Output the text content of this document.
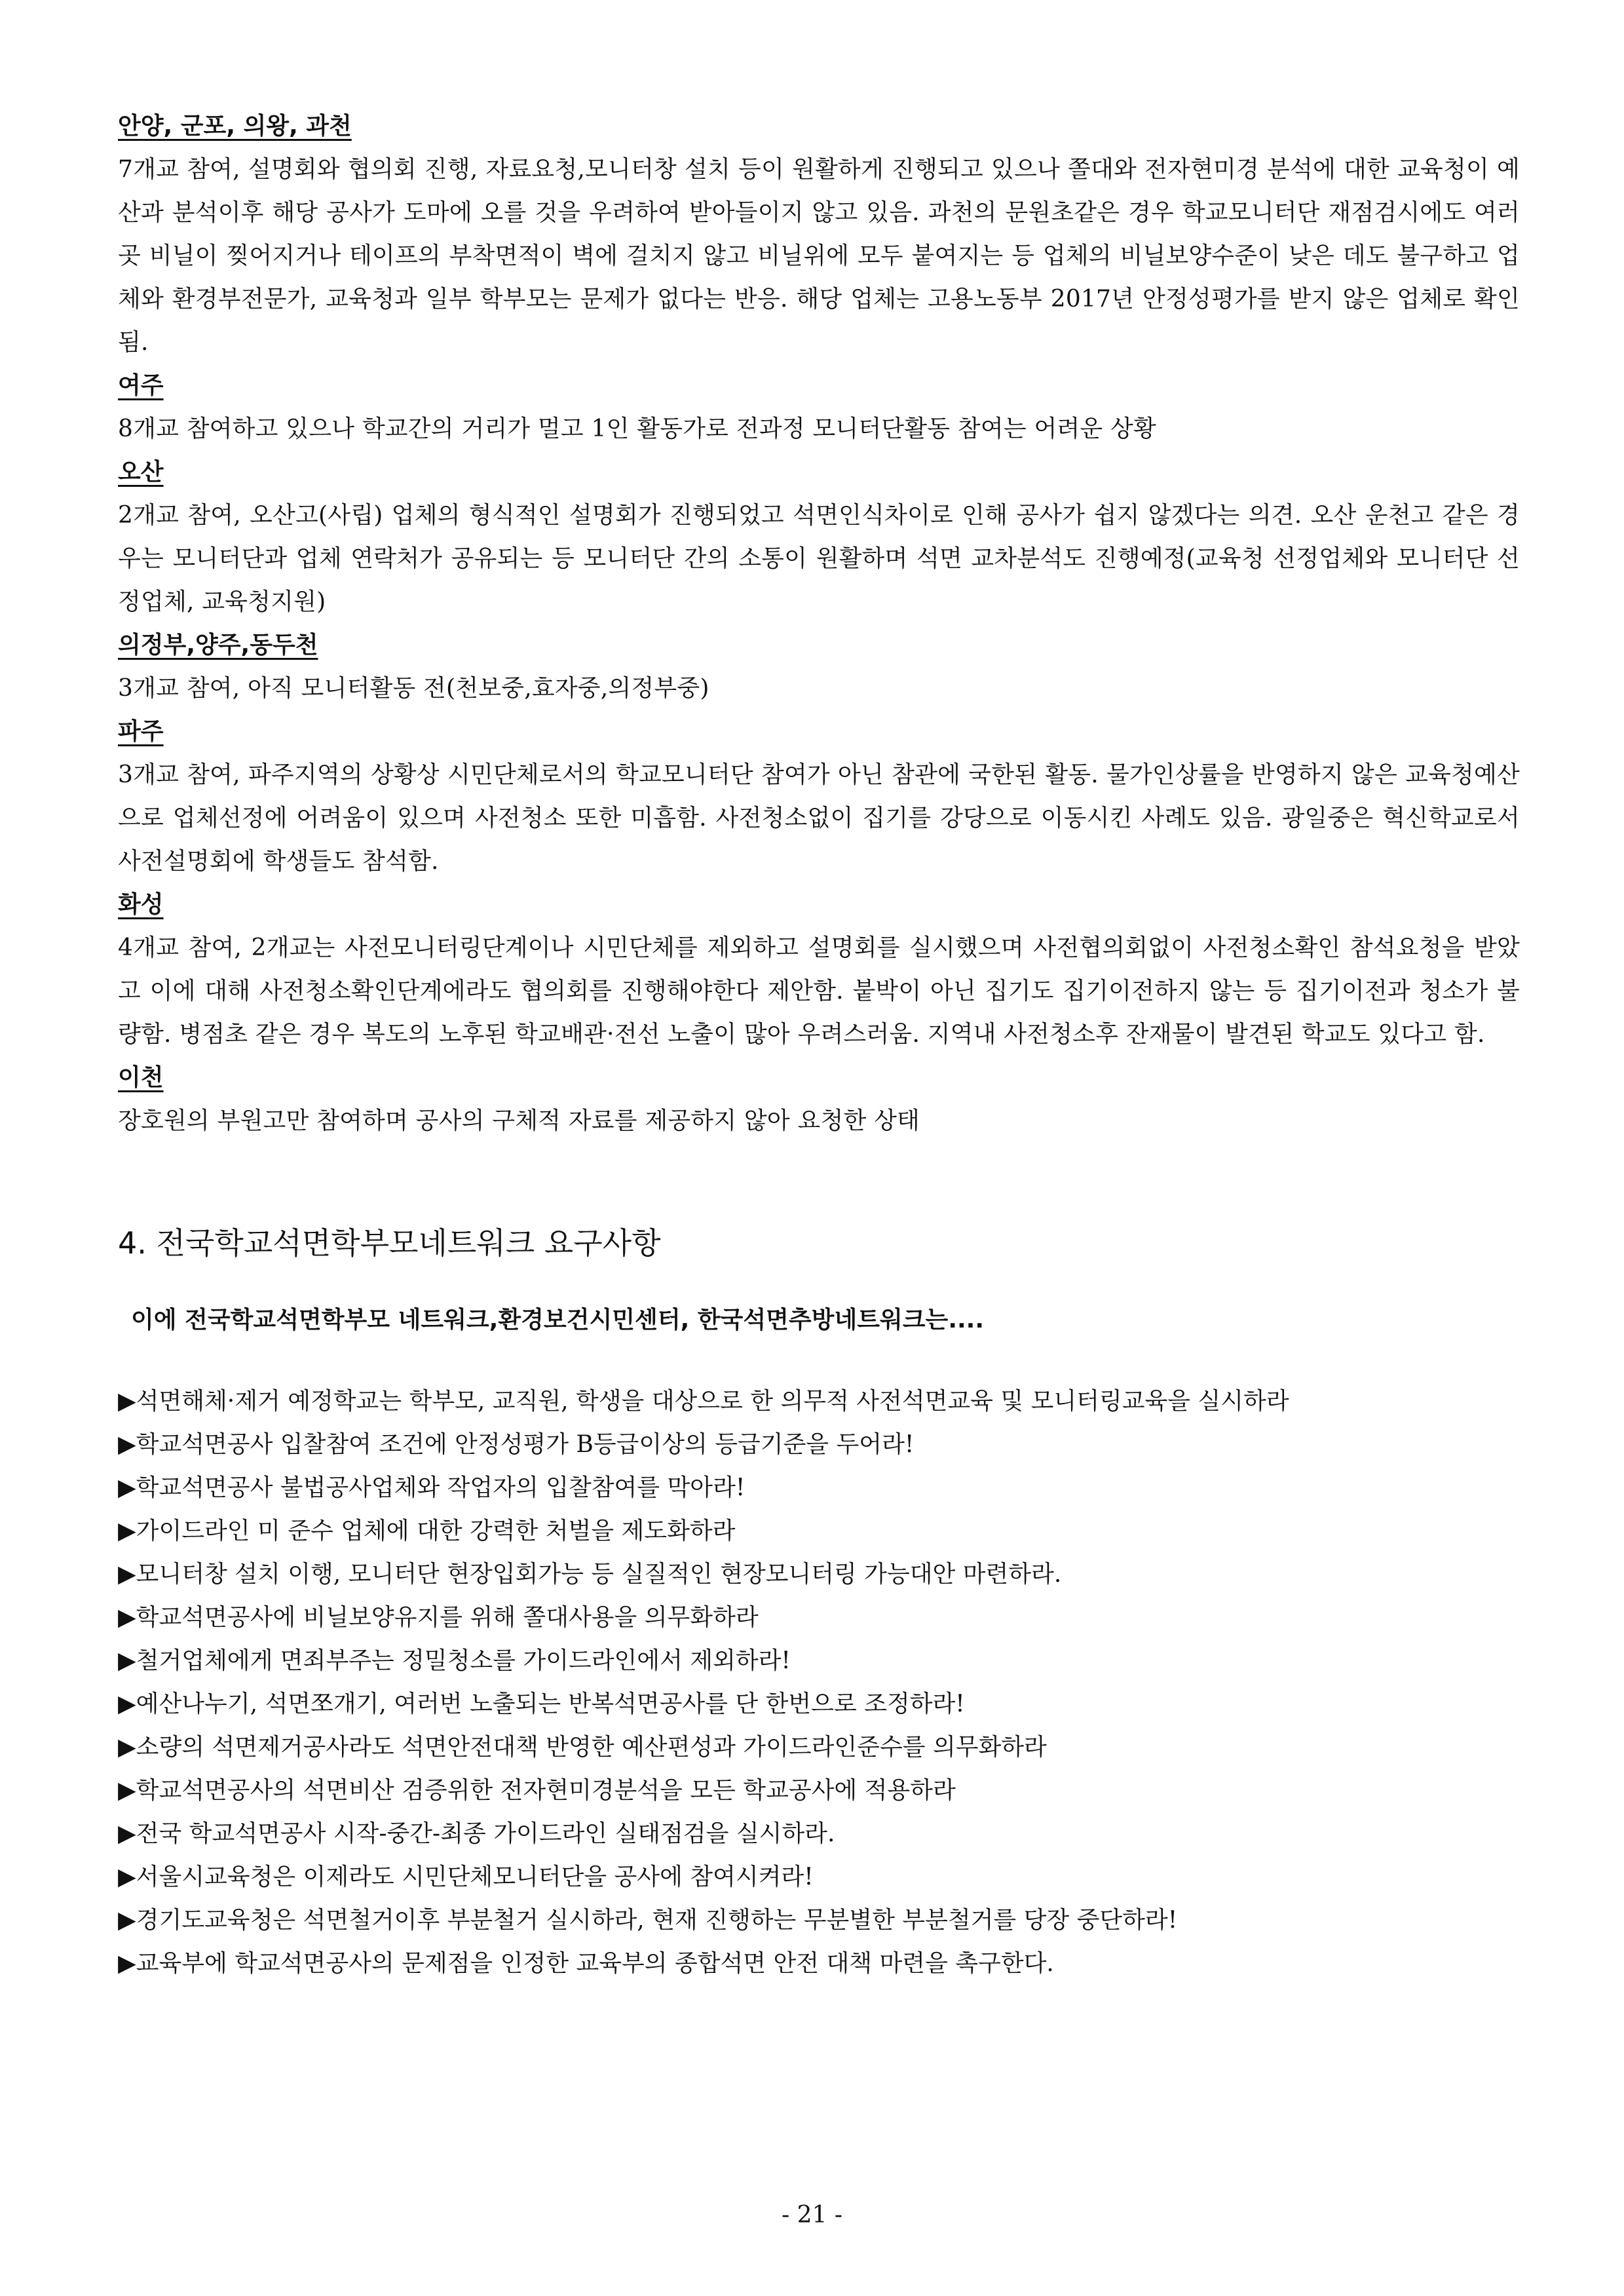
안양, 군포, 의왕, 과천

7개교 참여, 설명회와 협의회 진행, 자료요청,모니터창 설치 등이 원활하게 진행되고 있으나 쫄대와 전자현미경 분석에 대한 교육청이 예산과 분석이후 해당 공사가 도마에 오를 것을 우려하여 받아들이지 않고 있음. 과천의 문원초같은 경우 학교모니터단 재점검시에도 여러 곳 비닐이 찢어지거나 테이프의 부착면적이 벽에 걸치지 않고 비닐위에 모두 붙여지는 등 업체의 비닐보양수준이 낮은 데도 불구하고 업체와 환경부전문가, 교육청과 일부 학부모는 문제가 없다는 반응. 해당 업체는 고용노동부 2017년 안정성평가를 받지 않은 업체로 확인됨.

여주

8개교 참여하고 있으나 학교간의 거리가 멀고 1인 활동가로 전과정 모니터단활동 참여는 어려운 상황

오산

2개교 참여, 오산고(사립) 업체의 형식적인 설명회가 진행되었고 석면인식차이로 인해 공사가 쉽지 않겠다는 의견. 오산 운천고 같은 경우는 모니터단과 업체 연락처가 공유되는 등 모니터단 간의 소통이 원활하며 석면 교차분석도 진행예정(교육청 선정업체와 모니터단 선정업체, 교육청지원)

의정부,양주,동두천

3개교 참여, 아직 모니터활동 전(천보중,효자중,의정부중)

파주

3개교 참여, 파주지역의 상황상 시민단체로서의 학교모니터단 참여가 아닌 참관에 국한된 활동. 물가인상률을 반영하지 않은 교육청예산으로 업체선정에 어려움이 있으며 사전청소 또한 미흡함. 사전청소없이 집기를 강당으로 이동시킨 사례도 있음. 광일중은 혁신학교로서 사전설명회에 학생들도 참석함.

화성

4개교 참여, 2개교는 사전모니터링단계이나 시민단체를 제외하고 설명회를 실시했으며 사전협의회없이 사전청소확인 참석요청을 받았고 이에 대해 사전청소확인단계에라도 협의회를 진행해야한다 제안함. 붙박이 아닌 집기도 집기이전하지 않는 등 집기이전과 청소가 불량함. 병점초 같은 경우 복도의 노후된 학교배관·전선 노출이 많아 우려스러움. 지역내 사전청소후 잔재물이 발견된 학교도 있다고 함.

이천

장호원의 부원고만 참여하며 공사의 구체적 자료를 제공하지 않아 요청한 상태

4. 전국학교석면학부모네트워크 요구사항

이에 전국학교석면학부모 네트워크,환경보건시민센터, 한국석면추방네트워크는....

▶석면해체·제거 예정학교는 학부모, 교직원, 학생을 대상으로 한 의무적 사전석면교육 및 모니터링교육을 실시하라
▶학교석면공사 입찰참여 조건에 안정성평가 B등급이상의 등급기준을 두어라!
▶학교석면공사 불법공사업체와 작업자의 입찰참여를 막아라!
▶가이드라인 미 준수 업체에 대한 강력한 처벌을 제도화하라
▶모니터창 설치 이행, 모니터단 현장입회가능 등 실질적인 현장모니터링 가능대안 마련하라.
▶학교석면공사에 비닐보양유지를 위해 쫄대사용을 의무화하라
▶철거업체에게 면죄부주는 정밀청소를 가이드라인에서 제외하라!
▶예산나누기, 석면쪼개기, 여러번 노출되는 반복석면공사를 단 한번으로 조정하라!
▶소량의 석면제거공사라도 석면안전대책 반영한 예산편성과 가이드라인준수를 의무화하라
▶학교석면공사의 석면비산 검증위한 전자현미경분석을 모든 학교공사에 적용하라
▶전국 학교석면공사 시작-중간-최종 가이드라인 실태점검을 실시하라.
▶서울시교육청은 이제라도 시민단체모니터단을 공사에 참여시켜라!
▶경기도교육청은 석면철거이후 부분철거 실시하라, 현재 진행하는 무분별한 부분철거를 당장 중단하라!
▶교육부에 학교석면공사의 문제점을 인정한 교육부의 종합석면 안전 대책 마련을 촉구한다.
- 21 -
